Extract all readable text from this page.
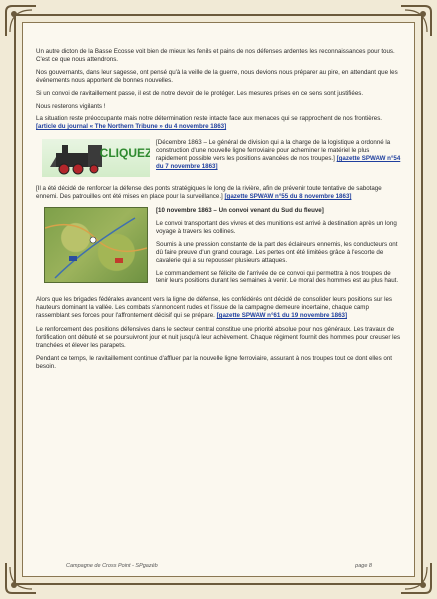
Un autre dicton de la Basse Ecosse voit bien de mieux les fenils et pains de nos défenses ardentes les reconnaissances pour tous. C'est ce que nous attendrons.

Nos gouvernants, dans leur sagesse, ont pensé qu'à la veille de la guerre, nous devions nous préparer au pire, en attendant que les événements nous apportent de bonnes nouvelles.

Si un convoi de ravitaillement passe, il est de notre devoir de le protéger. Les mesures prises en ce sens sont justifiées.

Nous resterons vigilants !

La situation reste préoccupante mais notre détermination reste intacte face aux menaces qui se rapprochent de nos frontières. [article du journal « The Northern Tribune » du 4 novembre 1863]

CLIQUEZ
[Décembre 1863 – Le général de division qui a la charge de la logistique a ordonné la construction d'une nouvelle ligne ferroviaire pour acheminer le matériel le plus rapidement possible vers les positions avancées de nos troupes.] [gazette SPWAW n°54 du 7 novembre 1863]

[Il a été décidé de renforcer la défense des ponts stratégiques le long de la rivière, afin de prévenir toute tentative de sabotage ennemi. Des patrouilles ont été mises en place pour la surveillance.] [gazette SPWAW n°55 du 8 novembre 1863]

[10 novembre 1863 – Un convoi venant du Sud du fleuve]

Le convoi transportant des vivres et des munitions est arrivé à destination après un long voyage à travers les collines.

Soumis à une pression constante de la part des éclaireurs ennemis, les conducteurs ont dû faire preuve d'un grand courage. Les pertes ont été limitées grâce à l'escorte de cavalerie qui a su repousser plusieurs attaques.

Le commandement se félicite de l'arrivée de ce convoi qui permettra à nos troupes de tenir leurs positions durant les semaines à venir. Le moral des hommes est au plus haut.

Alors que les brigades fédérales avancent vers la ligne de défense, les confédérés ont décidé de consolider leurs positions sur les hauteurs dominant la vallée. Les combats s'annoncent rudes et l'issue de la campagne demeure incertaine, chaque camp rassemblant ses forces pour l'affrontement décisif qui se prépare. [gazette SPWAW n°61 du 19 novembre 1863]

Le renforcement des positions défensives dans le secteur central constitue une priorité absolue pour nos généraux. Les travaux de fortification ont débuté et se poursuivront jour et nuit jusqu'à leur achèvement. Chaque régiment fournit des hommes pour creuser les tranchées et élever les parapets.

Pendant ce temps, le ravitaillement continue d'affluer par la nouvelle ligne ferroviaire, assurant à nos troupes tout ce dont elles ont besoin.

Campagne de Cross Point - SPgazéb	page 8
